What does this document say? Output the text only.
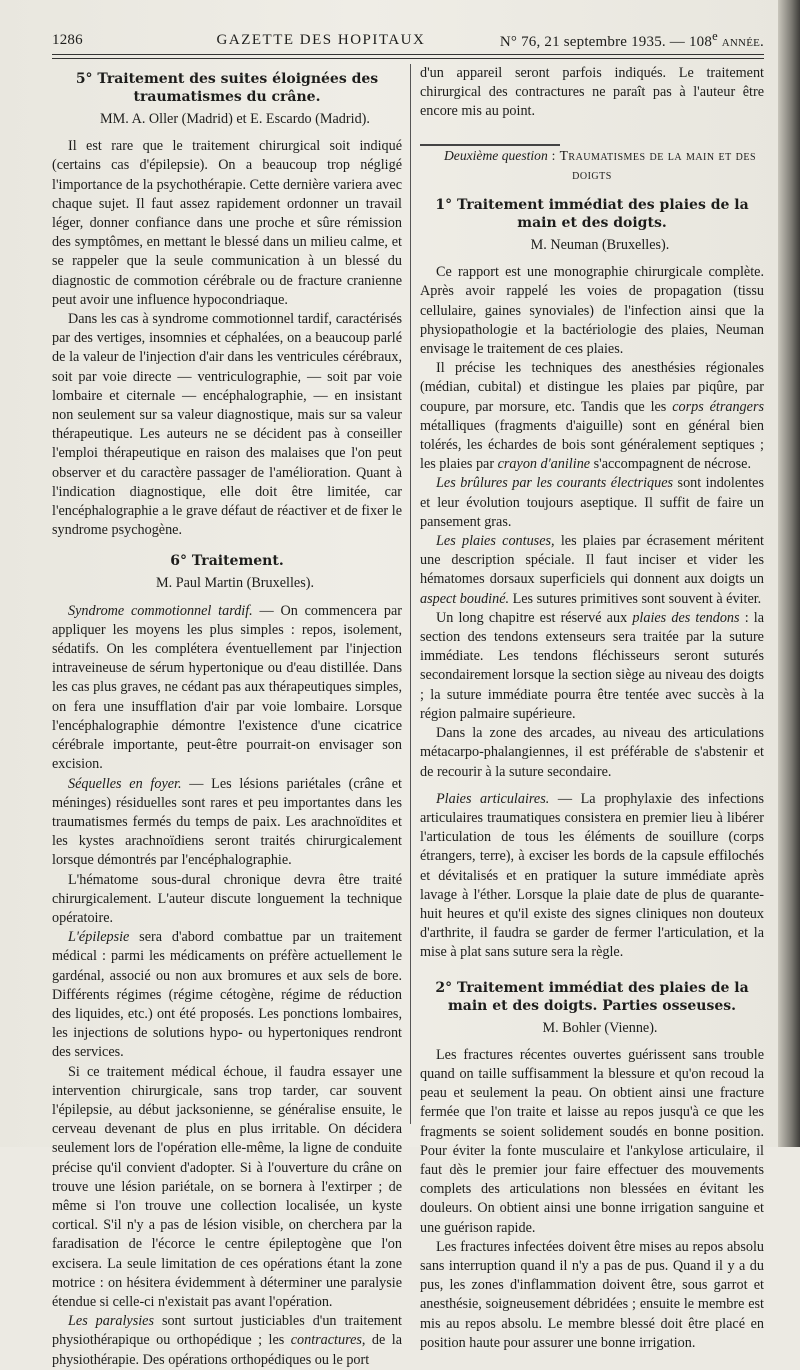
1286	GAZETTE DES HOPITAUX	N° 76, 21 septembre 1935. — 108e année.
5° Traitement des suites éloignées des traumatismes du crâne.

MM. A. Oller (Madrid) et E. Escardo (Madrid).

Il est rare que le traitement chirurgical soit indiqué (certains cas d'épilepsie). On a beaucoup trop négligé l'importance de la psychothérapie. Cette dernière variera avec chaque sujet. Il faut assez rapidement ordonner un travail léger, donner confiance dans une proche et sûre rémission des symptômes, en mettant le blessé dans un milieu calme, et se rappeler que la seule communication à un blessé du diagnostic de commotion cérébrale ou de fracture cranienne peut avoir une influence hypocondriaque.

Dans les cas à syndrome commotionnel tardif, caractérisés par des vertiges, insomnies et céphalées, on a beaucoup parlé de la valeur de l'injection d'air dans les ventricules cérébraux, soit par voie directe — ventriculographie, — soit par voie lombaire et citernale — encéphalographie, — en insistant non seulement sur sa valeur diagnostique, mais sur sa valeur thérapeutique. Les auteurs ne se décident pas à conseiller l'emploi thérapeutique en raison des malaises que l'on peut observer et du caractère passager de l'amélioration. Quant à l'indication diagnostique, elle doit être limitée, car l'encéphalographie a le grave défaut de réactiver et de fixer le syndrome psychogène.

6° Traitement.

M. Paul Martin (Bruxelles).

Syndrome commotionnel tardif. — On commencera par appliquer les moyens les plus simples : repos, isolement, sédatifs. On les complétera éventuellement par l'injection intraveineuse de sérum hypertonique ou d'eau distillée. Dans les cas plus graves, ne cédant pas aux thérapeutiques simples, on fera une insufflation d'air par voie lombaire. Lorsque l'encéphalographie démontre l'existence d'une cicatrice cérébrale importante, peut-être pourrait-on envisager son excision.

Séquelles en foyer. — Les lésions pariétales (crâne et méninges) résiduelles sont rares et peu importantes dans les traumatismes fermés du temps de paix. Les arachnoïdites et les kystes arachnoïdiens seront traités chirurgicalement lorsque démontrés par l'encéphalographie.

L'hématome sous-dural chronique devra être traité chirurgicalement. L'auteur discute longuement la technique opératoire.

L'épilepsie sera d'abord combattue par un traitement médical : parmi les médicaments on préfère actuellement le gardénal, associé ou non aux bromures et aux sels de bore. Différents régimes (régime cétogène, régime de réduction des liquides, etc.) ont été proposés. Les ponctions lombaires, les injections de solutions hypo- ou hypertoniques rendront des services.

Si ce traitement médical échoue, il faudra essayer une intervention chirurgicale, sans trop tarder, car souvent l'épilepsie, au début jacksonienne, se généralise ensuite, le cerveau devenant de plus en plus irritable. On décidera seulement lors de l'opération elle-même, la ligne de conduite précise qu'il convient d'adopter. Si à l'ouverture du crâne on trouve une lésion pariétale, on se bornera à l'extirper ; de même si l'on trouve une collection localisée, un kyste cortical. S'il n'y a pas de lésion visible, on cherchera par la faradisation de l'écorce le centre épileptogène que l'on excisera. La seule limitation de ces opérations étant la zone motrice : on hésitera évidemment à déterminer une paralysie étendue si celle-ci n'existait pas avant l'opération.

Les paralysies sont surtout justiciables d'un traitement physiothérapique ou orthopédique ; les contractures, de la physiothérapie. Des opérations orthopédiques ou le port

d'un appareil seront parfois indiqués. Le traitement chirurgical des contractures ne paraît pas à l'auteur être encore mis au point.

Deuxième question : Traumatismes de la main et des doigts

1° Traitement immédiat des plaies de la main et des doigts.

M. Neuman (Bruxelles).

Ce rapport est une monographie chirurgicale complète. Après avoir rappelé les voies de propagation (tissu cellulaire, gaines synoviales) de l'infection ainsi que la physiopathologie et la bactériologie des plaies, Neuman envisage le traitement de ces plaies.

Il précise les techniques des anesthésies régionales (médian, cubital) et distingue les plaies par piqûre, par coupure, par morsure, etc. Tandis que les corps étrangers métalliques (fragments d'aiguille) sont en général bien tolérés, les échardes de bois sont généralement septiques ; les plaies par crayon d'aniline s'accompagnent de nécrose.

Les brûlures par les courants électriques sont indolentes et leur évolution toujours aseptique. Il suffit de faire un pansement gras.

Les plaies contuses, les plaies par écrasement méritent une description spéciale. Il faut inciser et vider les hématomes dorsaux superficiels qui donnent aux doigts un aspect boudiné. Les sutures primitives sont souvent à éviter.

Un long chapitre est réservé aux plaies des tendons : la section des tendons extenseurs sera traitée par la suture immédiate. Les tendons fléchisseurs seront suturés secondairement lorsque la section siège au niveau des doigts ; la suture immédiate pourra être tentée avec succès à la région palmaire supérieure.

Dans la zone des arcades, au niveau des articulations métacarpo-phalangiennes, il est préférable de s'abstenir et de recourir à la suture secondaire.

Plaies articulaires. — La prophylaxie des infections articulaires traumatiques consistera en premier lieu à libérer l'articulation de tous les éléments de souillure (corps étrangers, terre), à exciser les bords de la capsule effilochés et dévitalisés et en pratiquer la suture immédiate après lavage à l'éther. Lorsque la plaie date de plus de quarante-huit heures et qu'il existe des signes cliniques non douteux d'arthrite, il faudra se garder de fermer l'articulation, et la mise à plat sans suture sera la règle.

2° Traitement immédiat des plaies de la main et des doigts. Parties osseuses.

M. Bohler (Vienne).

Les fractures récentes ouvertes guérissent sans trouble quand on taille suffisamment la blessure et qu'on recoud la peau et seulement la peau. On obtient ainsi une fracture fermée que l'on traite et laisse au repos jusqu'à ce que les fragments se soient solidement soudés en bonne position. Pour éviter la fonte musculaire et l'ankylose articulaire, il faut dès le premier jour faire effectuer des mouvements complets des articulations non blessées en évitant les douleurs. On obtient ainsi une bonne irrigation sanguine et une guérison rapide.

Les fractures infectées doivent être mises au repos absolu sans interruption quand il n'y a pas de pus. Quand il y a du pus, les zones d'inflammation doivent être, sous garrot et anesthésie, soigneusement débridées ; ensuite le membre est mis au repos absolu. Le membre blessé doit être placé en position haute pour assurer une bonne irrigation.
